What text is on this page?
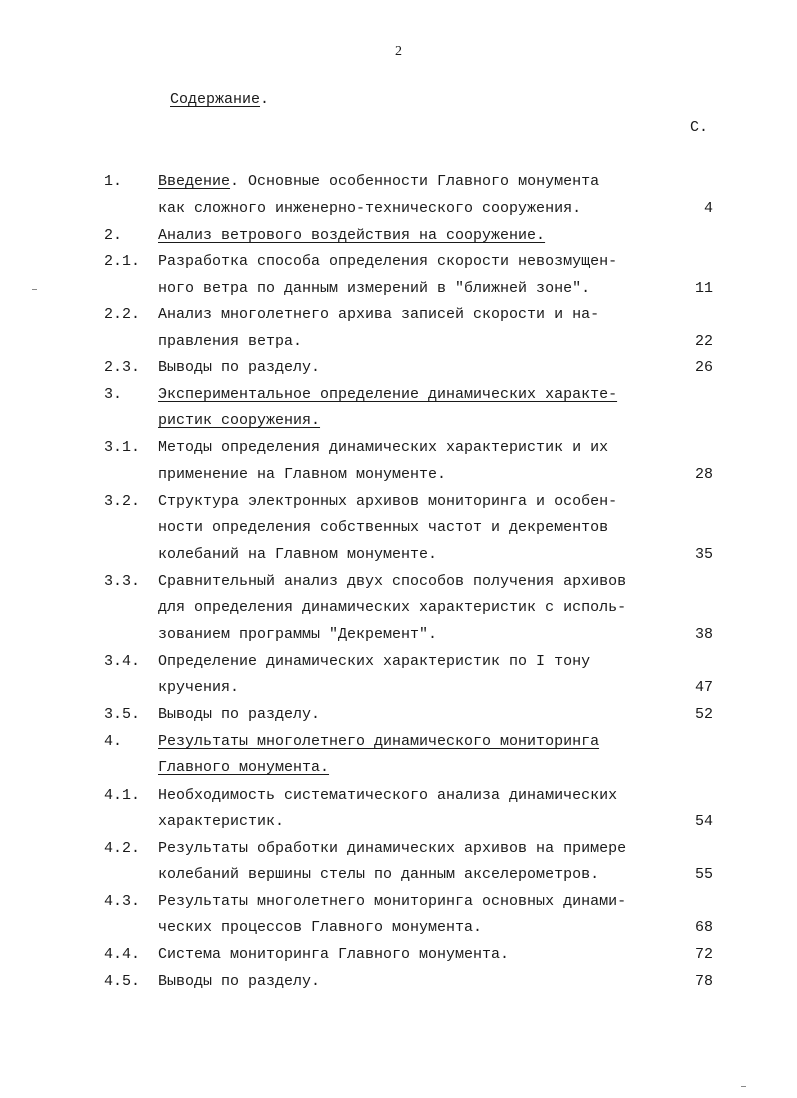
2
Содержание.
С.
1. Введение. Основные особенности Главного монумента
как сложного инженерно-технического сооружения.	4
2. Анализ ветрового воздействия на сооружение.
2.1. Разработка способа определения скорости невозмущен-
ного ветра по данным измерений в "ближней зоне".	11
2.2. Анализ многолетнего архива записей скорости и на-
правления ветра.	22
2.3. Выводы по разделу.	26
3. Экспериментальное определение динамических характе-
ристик сооружения.
3.1. Методы определения динамических характеристик и их
применение на Главном монументе.	28
3.2. Структура электронных архивов мониторинга и особен-
ности определения собственных частот и декрементов
колебаний на Главном монументе.	35
3.3. Сравнительный анализ двух способов получения архивов
для определения динамических характеристик с исполь-
зованием программы "Декремент".	38
3.4. Определение динамических характеристик по I тону
кручения.	47
3.5. Выводы по разделу.	52
4. Результаты многолетнего динамического мониторинга
Главного монумента.
4.1. Необходимость систематического анализа динамических
характеристик.	54
4.2. Результаты обработки динамических архивов на примере
колебаний вершины стелы по данным акселерометров.	55
4.3. Результаты многолетнего мониторинга основных динами-
ческих процессов Главного монумента.	68
4.4. Система мониторинга Главного монумента.	72
4.5. Выводы по разделу.	78
